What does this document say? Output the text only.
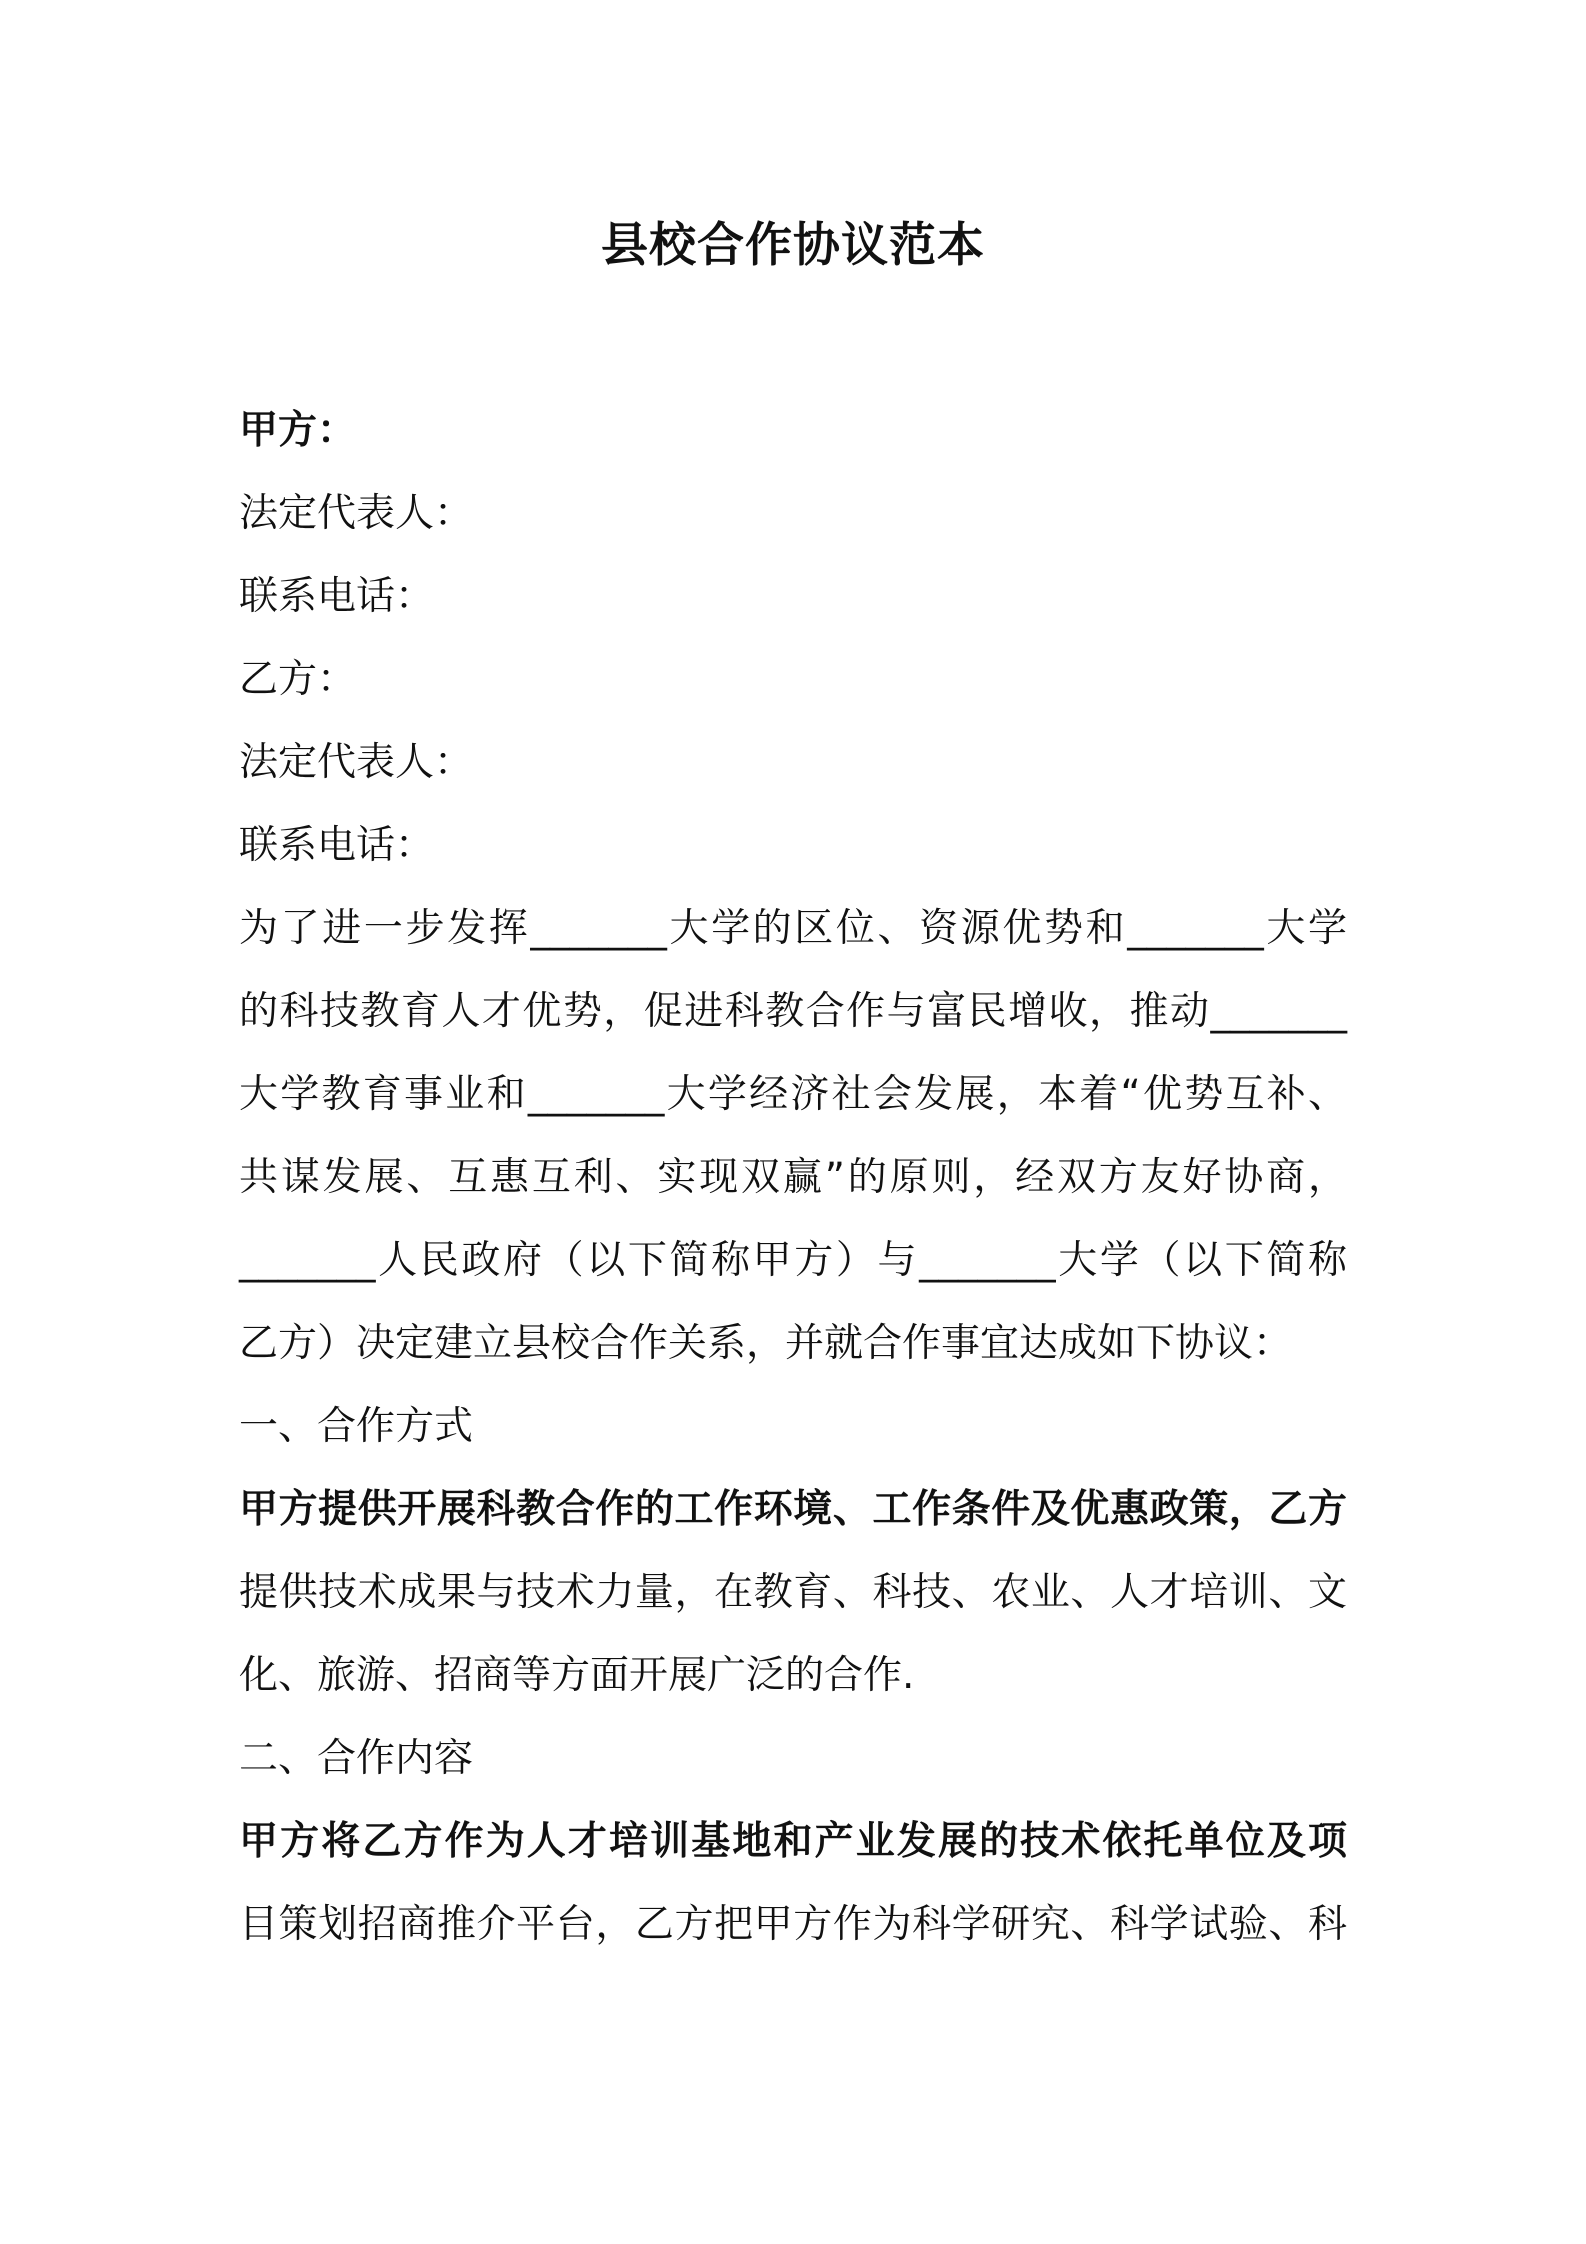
县校合作协议范本
甲方：
法定代表人：
联系电话：
乙方：
法定代表人：
联系电话：
为了进一步发挥_______大学的区位、资源优势和_______大学
的科技教育人才优势，促进科教合作与富民增收，推动_______
大学教育事业和_______大学经济社会发展，本着“优势互补、
共谋发展、互惠互利、实现双赢”的原则，经双方友好协商，
_______人民政府（以下简称甲方）与_______大学（以下简称
乙方）决定建立县校合作关系，并就合作事宜达成如下协议：
一、合作方式
甲方提供开展科教合作的工作环境、工作条件及优惠政策，乙方
提供技术成果与技术力量，在教育、科技、农业、人才培训、文
化、旅游、招商等方面开展广泛的合作.
二、合作内容
甲方将乙方作为人才培训基地和产业发展的技术依托单位及项
目策划招商推介平台，乙方把甲方作为科学研究、科学试验、科
